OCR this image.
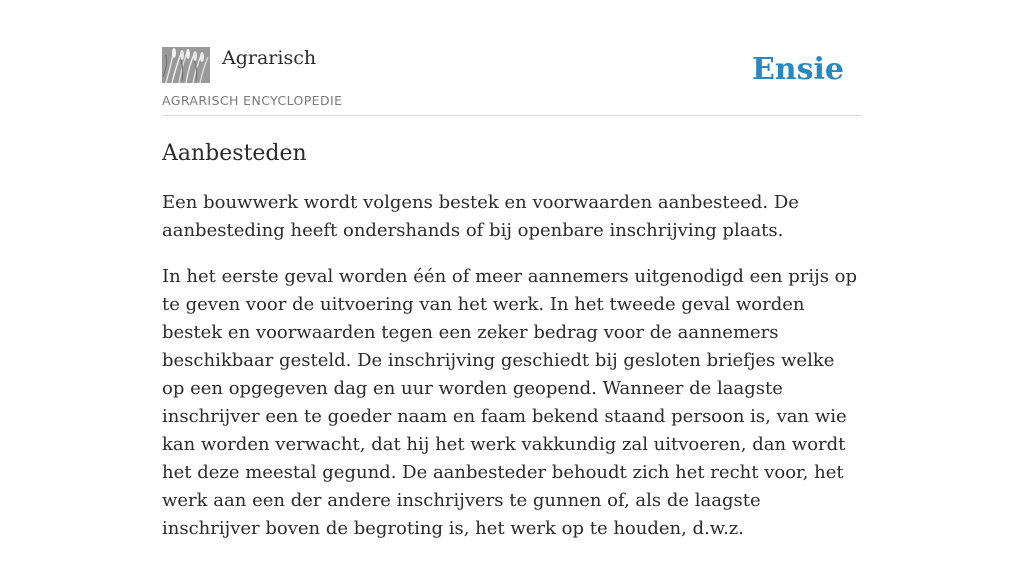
Agrarisch
AGRARISCH ENCYCLOPEDIE
Ensie
Aanbesteden

Een bouwwerk wordt volgens bestek en voorwaarden aanbesteed. De aanbesteding heeft ondershands of bij openbare inschrijving plaats.

In het eerste geval worden één of meer aannemers uitgenodigd een prijs op te geven voor de uitvoering van het werk. In het tweede geval worden bestek en voorwaarden tegen een zeker bedrag voor de aannemers beschikbaar gesteld. De inschrijving geschiedt bij gesloten briefjes welke op een opgegeven dag en uur worden geopend. Wanneer de laagste inschrijver een te goeder naam en faam bekend staand persoon is, van wie kan worden verwacht, dat hij het werk vakkundig zal uitvoeren, dan wordt het deze meestal gegund. De aanbesteder behoudt zich het recht voor, het werk aan een der andere inschrijvers te gunnen of, als de laagste inschrijver boven de begroting is, het werk op te houden, d.w.z.
